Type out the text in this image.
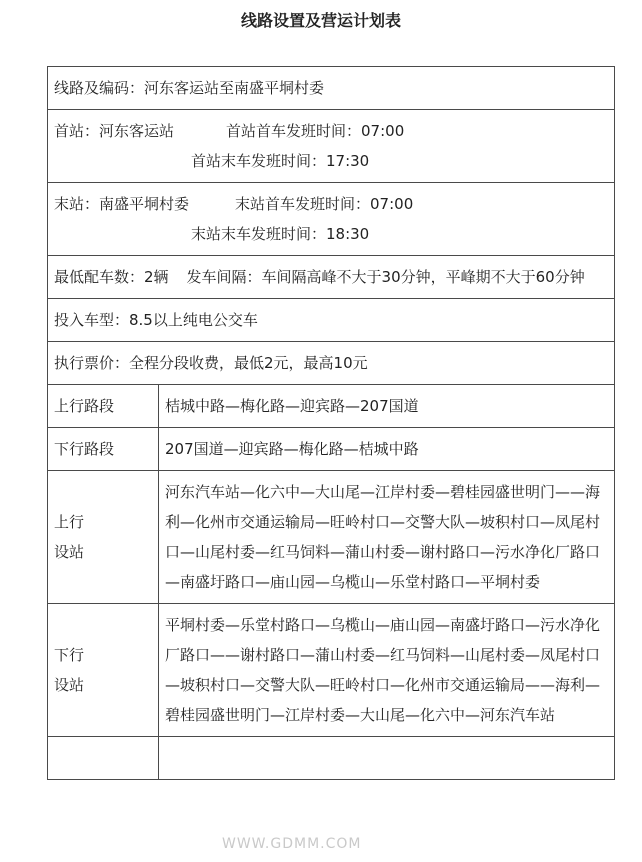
线路设置及营运计划表
线路及编码：河东客运站至南盛平垌村委	
首站：河东客运站 首站首车发班时间：07:00
首站末车发班时间：17:30	

末站：南盛平垌村委 末站首车发班时间：07:00
末站末车发班时间：18:30	

最低配车数：2辆 发车间隔：车间隔高峰不大于30分钟，平峰期不大于60分钟	
投入车型：8.5以上纯电公交车	
执行票价：全程分段收费，最低2元，最高10元	
上行路段	桔城中路—梅化路—迎宾路—207国道
下行路段	207国道—迎宾路—梅化路—桔城中路

上行
设站	河东汽车站—化六中—大山尾—江岸村委—碧桂园盛世明门——海利—化州市交通运输局—旺岭村口—交警大队—坡积村口—凤尾村口—山尾村委—红马饲料—蒲山村委—谢村路口—污水净化厂路口—南盛圩路口—庙山园—乌榄山—乐堂村路口—平垌村委

下行
设站	平垌村委—乐堂村路口—乌榄山—庙山园—南盛圩路口—污水净化厂路口——谢村路口—蒲山村委—红马饲料—山尾村委—凤尾村口—坡积村口—交警大队—旺岭村口—化州市交通运输局——海利—碧桂园盛世明门—江岸村委—大山尾—化六中—河东汽车站

WWW.GDMM.COM
